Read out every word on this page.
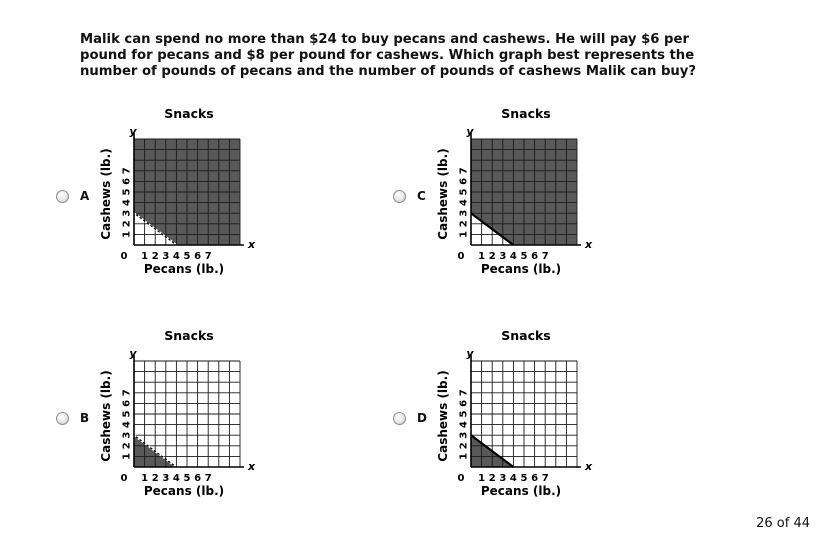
Malik can spend no more than $24 to buy pecans and cashews. He will pay $6 per pound for pecans and $8 per pound for cashews. Which graph best represents the number of pounds of pecans and the number of pounds of cashews Malik can buy?
A
Snacks
y
x
0 1 2 3 4 5 6 7
1
2
3
4
5
6
7
Pecans (lb.)
Cashews (lb.)	C
Snacks
y
x
0 1 2 3 4 5 6 7
1
2
3
4
5
6
7
Pecans (lb.)
Cashews (lb.)
B
Snacks
y
x
0 1 2 3 4 5 6 7
1
2
3
4
5
6
7
Pecans (lb.)
Cashews (lb.)	D
Snacks
y
x
0 1 2 3 4 5 6 7
1
2
3
4
5
6
7
Pecans (lb.)
Cashews (lb.)
26 of 44
